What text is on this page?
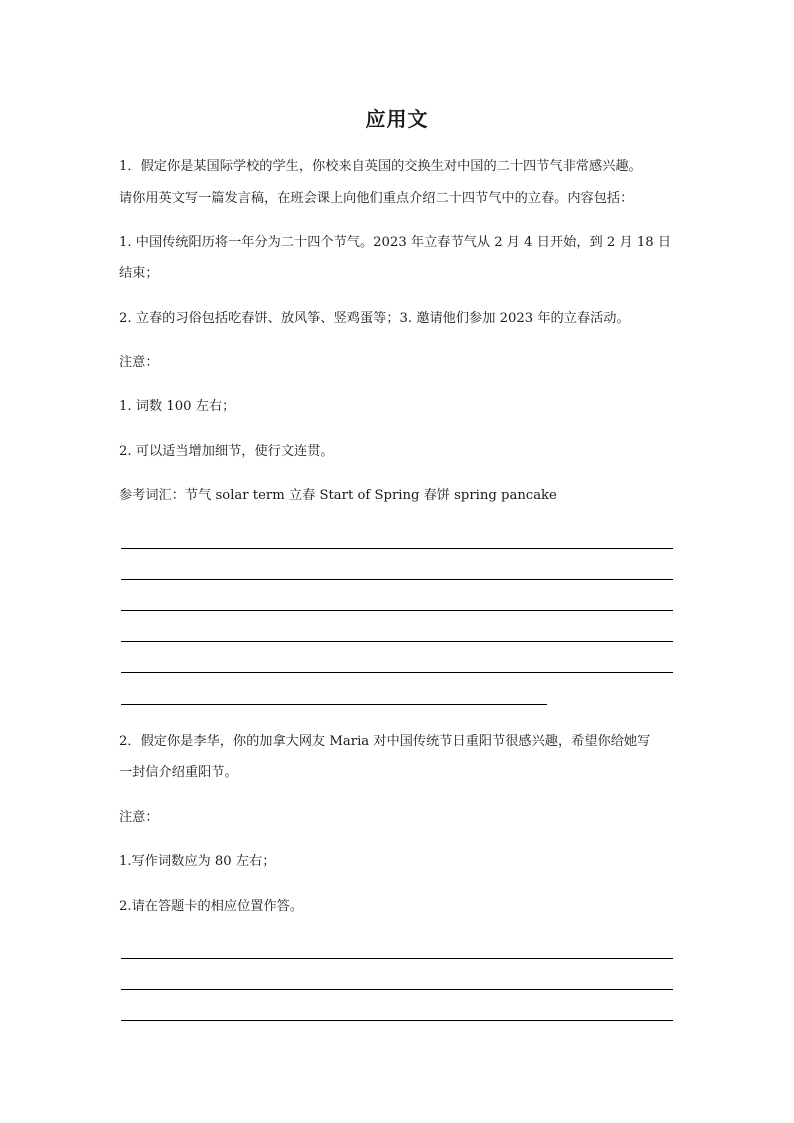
应用文
1．假定你是某国际学校的学生，你校来自英国的交换生对中国的二十四节气非常感兴趣。
请你用英文写一篇发言稿，在班会课上向他们重点介绍二十四节气中的立春。内容包括：
1. 中国传统阳历将一年分为二十四个节气。2023 年立春节气从 2 月 4 日开始，到 2 月 18 日
结束；
2. 立春的习俗包括吃春饼、放风筝、竖鸡蛋等；3. 邀请他们参加 2023 年的立春活动。
注意：
1. 词数 100 左右；
2. 可以适当增加细节，使行文连贯。
参考词汇：节气 solar term 立春 Start of Spring 春饼 spring pancake
2．假定你是李华，你的加拿大网友 Maria 对中国传统节日重阳节很感兴趣，希望你给她写
一封信介绍重阳节。
注意：
1.写作词数应为 80 左右；
2.请在答题卡的相应位置作答。
